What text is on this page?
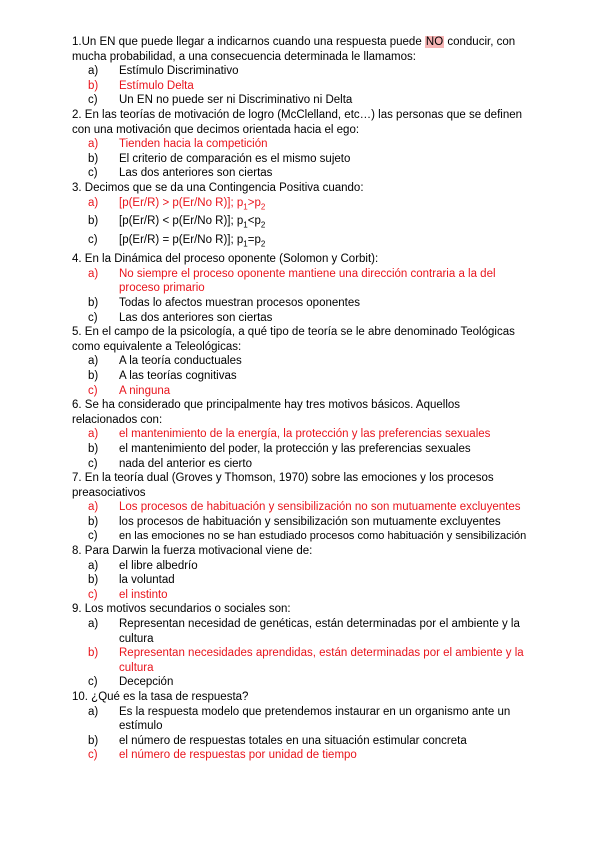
1.Un EN que puede llegar a indicarnos cuando una respuesta puede NO conducir, con mucha probabilidad, a una consecuencia determinada le llamamos:

a)	Estímulo Discriminativo
b)	Estímulo Delta
c)	Un EN no puede ser ni Discriminativo ni Delta

2. En las teorías de motivación de logro (McClelland, etc…) las personas que se definen con una motivación que decimos orientada hacia el ego:

a)	Tienden hacia la competición
b)	El criterio de comparación es el mismo sujeto
c)	Las dos anteriores son ciertas

3. Decimos que se da una Contingencia Positiva cuando:

a)	[p(Er/R) > p(Er/No R)]; $p_1>p_2$
b)	[p(Er/R) < p(Er/No R)]; $p_1<p_2$
c)	[p(Er/R) = p(Er/No R)]; $p_1=p_2$

4. En la Dinámica del proceso oponente (Solomon y Corbit):

a)	No siempre el proceso oponente mantiene una dirección contraria a la del proceso primario
b)	Todas lo afectos muestran procesos oponentes
c)	Las dos anteriores son ciertas

5. En el campo de la psicología, a qué tipo de teoría se le abre denominado Teológicas como equivalente a Teleológicas:

a)	A la teoría conductuales
b)	A las teorías cognitivas
c)	A ninguna

6. Se ha considerado que principalmente hay tres motivos básicos. Aquellos relacionados con:

a)	el mantenimiento de la energía, la protección y las preferencias sexuales
b)	el mantenimiento del poder, la protección y las preferencias sexuales
c)	nada del anterior es cierto

7. En la teoría dual (Groves y Thomson, 1970) sobre las emociones y los procesos preasociativos

a)	Los procesos de habituación y sensibilización no son mutuamente excluyentes
b)	los procesos de habituación y sensibilización son mutuamente excluyentes
c)	en las emociones no se han estudiado procesos como habituación y sensibilización

8. Para Darwin la fuerza motivacional viene de:

a)	el libre albedrío
b)	la voluntad
c)	el instinto

9. Los motivos secundarios o sociales son:

a)	Representan necesidad de genéticas, están determinadas por el ambiente y la cultura
b)	Representan necesidades aprendidas, están determinadas por el ambiente y la cultura
c)	Decepción

10. ¿Qué es la tasa de respuesta?

a)	Es la respuesta modelo que pretendemos instaurar en un organismo ante un estímulo
b)	el número de respuestas totales en una situación estimular concreta
c)	el número de respuestas por unidad de tiempo
